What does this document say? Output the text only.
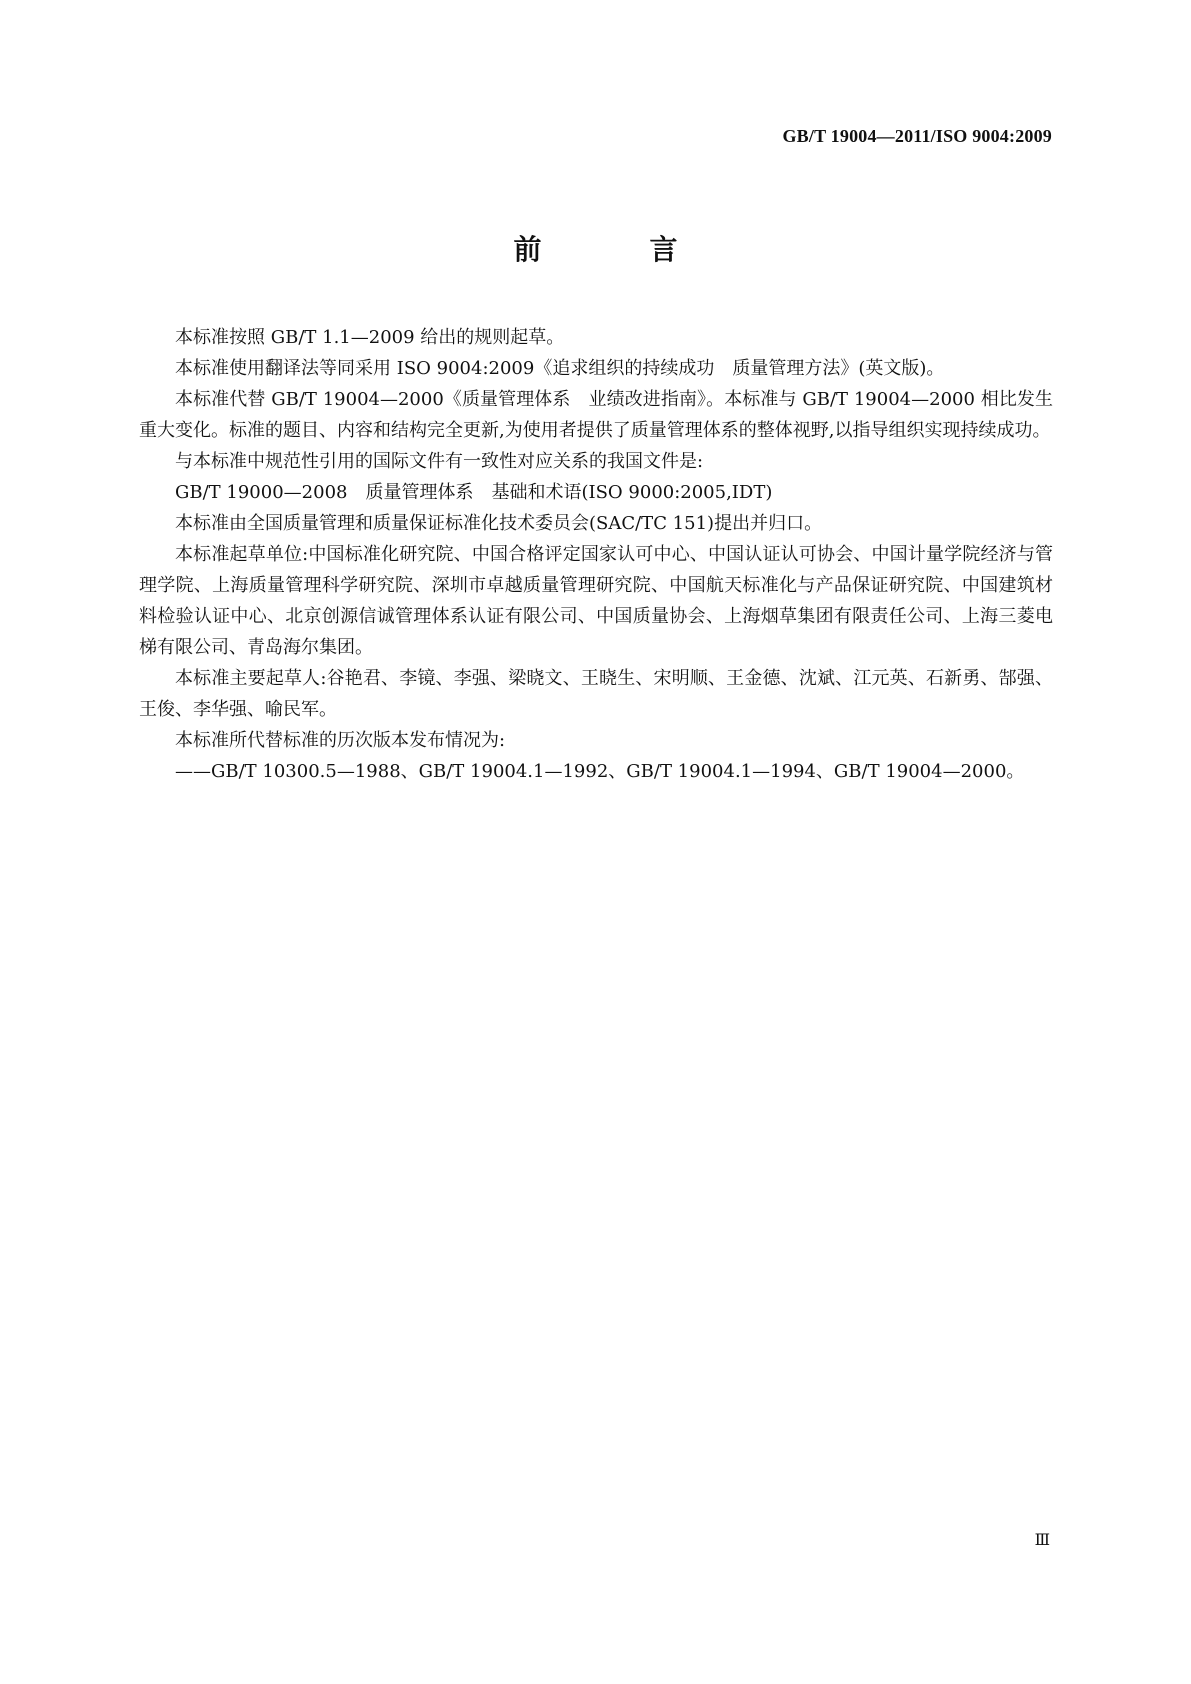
GB/T 19004—2011/ISO 9004:2009
前　言

本标准按照 GB/T 1.1—2009 给出的规则起草。

本标准使用翻译法等同采用 ISO 9004:2009《追求组织的持续成功　质量管理方法》(英文版)。

本标准代替 GB/T 19004—2000《质量管理体系　业绩改进指南》。本标准与 GB/T 19004—2000 相比发生重大变化。标准的题目、内容和结构完全更新,为使用者提供了质量管理体系的整体视野,以指导组织实现持续成功。

与本标准中规范性引用的国际文件有一致性对应关系的我国文件是:

GB/T 19000—2008　质量管理体系　基础和术语(ISO 9000:2005,IDT)

本标准由全国质量管理和质量保证标准化技术委员会(SAC/TC 151)提出并归口。

本标准起草单位:中国标准化研究院、中国合格评定国家认可中心、中国认证认可协会、中国计量学院经济与管理学院、上海质量管理科学研究院、深圳市卓越质量管理研究院、中国航天标准化与产品保证研究院、中国建筑材料检验认证中心、北京创源信诚管理体系认证有限公司、中国质量协会、上海烟草集团有限责任公司、上海三菱电梯有限公司、青岛海尔集团。

本标准主要起草人:谷艳君、李镜、李强、梁晓文、王晓生、宋明顺、王金德、沈斌、江元英、石新勇、郜强、王俊、李华强、喻民军。

本标准所代替标准的历次版本发布情况为:

——GB/T 10300.5—1988、GB/T 19004.1—1992、GB/T 19004.1—1994、GB/T 19004—2000。

Ⅲ
